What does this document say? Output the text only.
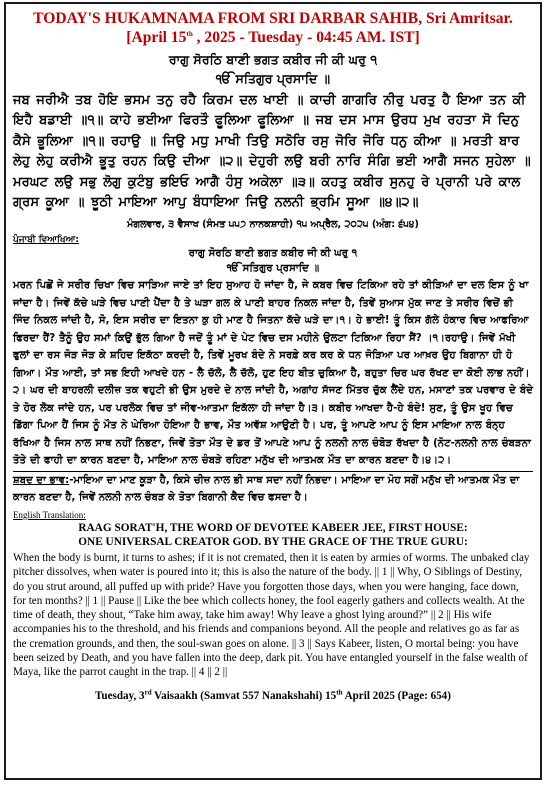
TODAY'S HUKAMNAMA FROM SRI DARBAR SAHIB, Sri Amritsar.
[April 15th , 2025 - Tuesday - 04:45 AM. IST]
ਰਾਗੁ ਸੋਰਠਿ ਬਾਣੀ ਭਗਤ ਕਬੀਰ ਜੀ ਕੀ ਘਰੁ ੧
ੴ ਸਤਿਗੁਰ ਪ੍ਰਸਾਦਿ ॥
ਜਬ ਜਰੀਐ ਤਬ ਹੋਇ ਭਸਮ ਤਨੁ ਰਹੈ ਕਿਰਮ ਦਲ ਖਾਈ ॥ ਕਾਚੀ ਗਾਗਰਿ ਨੀਰੁ ਪਰਤੁ ਹੈ ਇਆ ਤਨ ਕੀ ਇਹੈ ਬਡਾਈ ॥੧॥ ਕਾਹੇ ਭਈਆ ਫਿਰਤੌ ਫੂਲਿਆ ਫੂਲਿਆ ॥ ਜਬ ਦਸ ਮਾਸ ਉਰਧ ਮੁਖ ਰਹਤਾ ਸੋ ਦਿਨੁ ਕੈਸੇ ਭੂਲਿਆ ॥੧॥ ਰਹਾਉ ॥ ਜਿਉ ਮਧੁ ਮਾਖੀ ਤਿਉ ਸਠੋਰਿ ਰਸੁ ਜੋਰਿ ਜੋਰਿ ਧਨੁ ਕੀਆ ॥ ਮਰਤੀ ਬਾਰ ਲੇਹੁ ਲੇਹੁ ਕਰੀਐ ਭੂਤੁ ਰਹਨ ਕਿਉ ਦੀਆ ॥੨॥ ਦੇਹੁਰੀ ਲਉ ਬਰੀ ਨਾਰਿ ਸੰਗਿ ਭਈ ਆਗੈ ਸਜਨ ਸੁਹੇਲਾ ॥ ਮਰਘਟ ਲਉ ਸਭੁ ਲੋਗੁ ਕੁਟੰਬੁ ਭਇਓ ਆਗੈ ਹੰਸੁ ਅਕੇਲਾ ॥੩॥ ਕਹਤੁ ਕਬੀਰ ਸੁਨਹੁ ਰੇ ਪ੍ਰਾਨੀ ਪਰੇ ਕਾਲ ਗ੍ਰਸ ਕੂਆ ॥ ਝੂਠੀ ਮਾਇਆ ਆਪੁ ਬੰਧਾਇਆ ਜਿਉ ਨਲਨੀ ਭ੍ਰਮਿ ਸੂਆ ॥੪॥੨॥
ਮੰਗਲਵਾਰ, ੩ ਵੈਸਾਖ (ਸੰਮਤ ੫੫੭ ਨਾਨਕਸ਼ਾਹੀ) ੧੫ ਅਪ੍ਰੈਲ, ੨੦੨੫ (ਅੰਗ: ੬੫੪)
ਪੰਜਾਬੀ ਵਿਆਖਿਆ:
ਰਾਗੁ ਸੋਰਠਿ ਬਾਣੀ ਭਗਤ ਕਬੀਰ ਜੀ ਕੀ ਘਰੁ ੧
ੴ ਸਤਿਗੁਰ ਪ੍ਰਸਾਦਿ ॥
ਮਰਨ ਪਿਛੋਂ ਜੇ ਸਰੀਰ ਚਿਖਾ ਵਿਚ ਸਾੜਿਆ ਜਾਏ ਤਾਂ ਇਹ ਸੁਆਹ ਹੋ ਜਾਂਦਾ ਹੈ, ਜੇ ਕਬਰ ਵਿਚ ਟਿਕਿਆ ਰਹੇ ਤਾਂ ਕੀੜਿਆਂ ਦਾ ਦਲ ਇਸ ਨੂੰ ਖਾ ਜਾਂਦਾ ਹੈ। ਜਿਵੇਂ ਕੱਚੇ ਘੜੇ ਵਿਚ ਪਾਣੀ ਪੈਂਦਾ ਹੈ ਤੇ ਘੜਾ ਗਲ ਕੇ ਪਾਣੀ ਬਾਹਰ ਨਿਕਲ ਜਾਂਦਾ ਹੈ, ਤਿਵੇਂ ਸੁਆਸ ਮੁੱਕ ਜਾਣ ਤੇ ਸਰੀਰ ਵਿਚੋਂ ਭੀ ਜਿੰਦ ਨਿਕਲ ਜਾਂਦੀ ਹੈ, ਸੋ, ਇਸ ਸਰੀਰ ਦਾ ਇਤਨਾ ਕੁ ਹੀ ਮਾਣ ਹੈ ਜਿਤਨਾ ਕੱਚੇ ਘੜੇ ਦਾ।੧। ਹੇ ਭਾਈ! ਤੂੰ ਕਿਸ ਗੱਲੇ ਹੰਕਾਰ ਵਿਚ ਆਫਰਿਆ ਫਿਰਦਾ ਹੈਂ? ਤੈਨੂੰ ਉਹ ਸਮਾਂ ਕਿਉਂ ਭੁੱਲ ਗਿਆ ਹੈ ਜਦੋਂ ਤੂੰ ਮਾਂ ਦੇ ਪੇਟ ਵਿਚ ਦਸ ਮਹੀਨੇ ਉਲਟਾ ਟਿਕਿਆ ਰਿਹਾ ਸੈਂ? ।੧।ਰਹਾਉ। ਜਿਵੇਂ ਮੱਖੀ ਫੁਲਾਂ ਦਾ ਰਸ ਜੋੜ ਜੋੜ ਕੇ ਸ਼ਹਿਦ ਇਕੱਠਾ ਕਰਦੀ ਹੈ, ਤਿਵੇਂ ਮੂਰਖ ਬੰਦੇ ਨੇ ਸਰਫ਼ੇ ਕਰ ਕਰ ਕੇ ਧਨ ਜੋੜਿਆ ਪਰ ਆਖ਼ਰ ਉਹ ਬਿਗਾਨਾ ਹੀ ਹੋ ਗਿਆ। ਮੌਤ ਆਈ, ਤਾਂ ਸਭ ਇਹੀ ਆਖਦੇ ਹਨ - ਲੈ ਚੱਲੋ, ਲੈ ਚੱਲੋ, ਹੁਣ ਇਹ ਬੀਤ ਚੁਕਿਆ ਹੈ, ਬਹੁਤਾ ਚਿਰ ਘਰ ਰੱਖਣ ਦਾ ਕੋਈ ਲਾਭ ਨਹੀਂ।੨। ਘਰ ਦੀ ਬਾਹਰਲੀ ਦਲੀਜ਼ ਤਕ ਵਹੁਟੀ ਭੀ ਉਸ ਮੁਰਦੇ ਦੇ ਨਾਲ ਜਾਂਦੀ ਹੈ, ਅਗਾਂਹ ਸੱਜਣ ਮਿੱਤਰ ਚੁੱਕ ਲੈਂਦੇ ਹਨ, ਮਸਾਣਾਂ ਤਕ ਪਰਵਾਰ ਦੇ ਬੰਦੇ ਤੇ ਹੋਰ ਲੋਕ ਜਾਂਦੇ ਹਨ, ਪਰ ਪਰਲੋਕ ਵਿਚ ਤਾਂ ਜੀਵ-ਆਤਮਾ ਇਕੱਲਾ ਹੀ ਜਾਂਦਾ ਹੈ।੩। ਕਬੀਰ ਆਖਦਾ ਹੈ-ਹੇ ਬੰਦੇ! ਸੁਣ, ਤੂੰ ਉਸ ਖੂਹ ਵਿਚ ਡਿੱਗਾ ਪਿਆ ਹੈਂ ਜਿਸ ਨੂੰ ਮੌਤ ਨੇ ਘੇਰਿਆ ਹੋਇਆ ਹੈ ਭਾਵ, ਮੌਤ ਅਵੱਸ਼ ਆਉਣੀ ਹੈ। ਪਰ, ਤੂੰ ਆਪਣੇ ਆਪ ਨੂੰ ਇਸ ਮਾਇਆ ਨਾਲ ਬੰਨ੍ਹ ਰੱਖਿਆ ਹੈ ਜਿਸ ਨਾਲ ਸਾਥ ਨਹੀਂ ਨਿਭਣਾ, ਜਿਵੇਂ ਤੋਤਾ ਮੌਤ ਦੇ ਡਰ ਤੋਂ ਆਪਣੇ ਆਪ ਨੂੰ ਨਲਨੀ ਨਾਲ ਚੰਬੋੜ ਰੱਖਦਾ ਹੈ (ਨੋਟ-ਨਲਨੀ ਨਾਲ ਚੰਬੜਨਾ ਤੋਤੇ ਦੀ ਫਾਹੀ ਦਾ ਕਾਰਨ ਬਣਦਾ ਹੈ, ਮਾਇਆ ਨਾਲ ਚੰਬੜੇ ਰਹਿਣਾ ਮਨੁੱਖ ਦੀ ਆਤਮਕ ਮੌਤ ਦਾ ਕਾਰਨ ਬਣਦਾ ਹੈ।੪।੨।
ਸ਼ਬਦ ਦਾ ਭਾਵ:-ਮਾਇਆ ਦਾ ਮਾਣ ਕੂੜਾ ਹੈ, ਕਿਸੇ ਚੀਜ਼ ਨਾਲ ਭੀ ਸਾਥ ਸਦਾ ਨਹੀਂ ਨਿਭਦਾ। ਮਾਇਆ ਦਾ ਮੋਹ ਸਗੋਂ ਮਨੁੱਖ ਦੀ ਆਤਮਕ ਮੌਤ ਦਾ ਕਾਰਨ ਬਣਦਾ ਹੈ, ਜਿਵੇਂ ਨਲਨੀ ਨਾਲ ਚੰਬੜ ਕੇ ਤੋਤਾ ਬਿਗਾਨੀ ਕੈਦ ਵਿਚ ਫਸਦਾ ਹੈ।
English Translation:
RAAG SORAT'H, THE WORD OF DEVOTEE KABEER JEE, FIRST HOUSE:
ONE UNIVERSAL CREATOR GOD. BY THE GRACE OF THE TRUE GURU:
When the body is burnt, it turns to ashes; if it is not cremated, then it is eaten by armies of worms. The unbaked clay pitcher dissolves, when water is poured into it; this is also the nature of the body. || 1 || Why, O Siblings of Destiny, do you strut around, all puffed up with pride? Have you forgotten those days, when you were hanging, face down, for ten months? || 1 || Pause || Like the bee which collects honey, the fool eagerly gathers and collects wealth. At the time of death, they shout, “Take him away, take him away! Why leave a ghost lying around?” || 2 || His wife accompanies his to the threshold, and his friends and companions beyond. All the people and relatives go as far as the cremation grounds, and then, the soul-swan goes on alone. || 3 || Says Kabeer, listen, O mortal being: you have been seized by Death, and you have fallen into the deep, dark pit. You have entangled yourself in the false wealth of Maya, like the parrot caught in the trap. || 4 || 2 ||
Tuesday, 3rd Vaisaakh (Samvat 557 Nanakshahi) 15th April 2025 (Page: 654)
